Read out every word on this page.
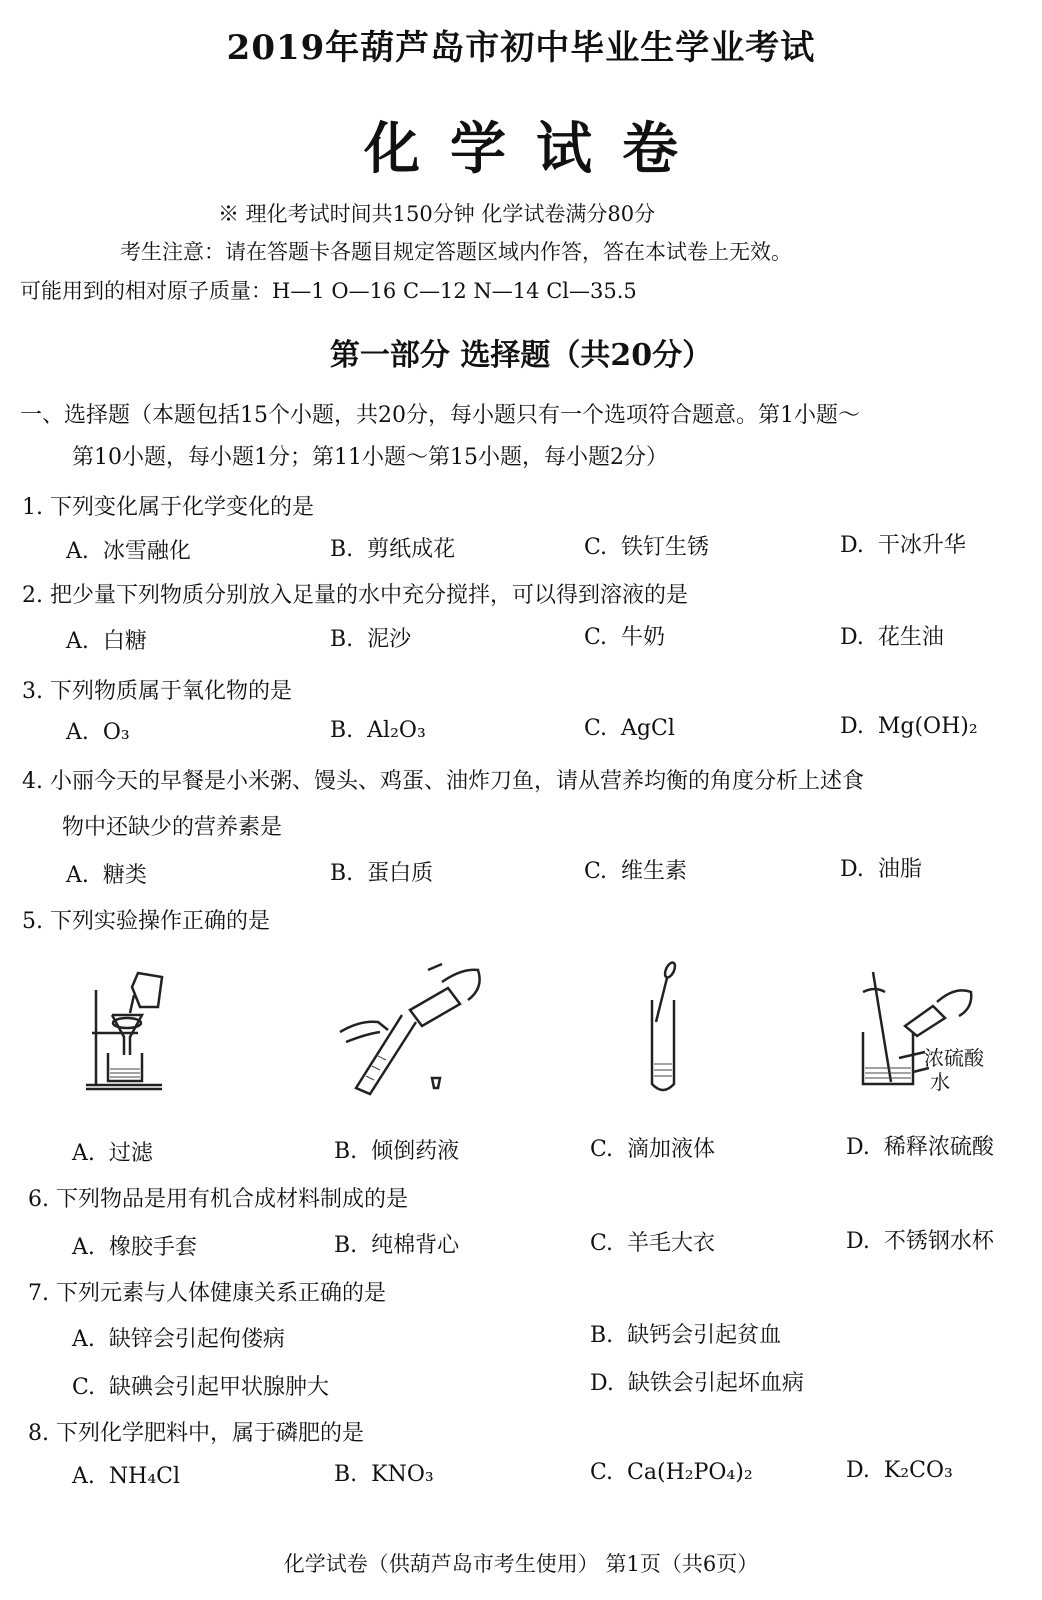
2019年葫芦岛市初中毕业生学业考试
化学试卷
※ 理化考试时间共150分钟 化学试卷满分80分
考生注意：请在答题卡各题目规定答题区域内作答，答在本试卷上无效。
可能用到的相对原子质量：H—1 O—16 C—12 N—14 Cl—35.5
第一部分 选择题（共20分）
一、选择题（本题包括15个小题，共20分，每小题只有一个选项符合题意。第1小题～
第10小题，每小题1分；第11小题～第15小题，每小题2分）
1. 下列变化属于化学变化的是
A. 冰雪融化	B. 剪纸成花	C. 铁钉生锈	D. 干冰升华
2. 把少量下列物质分别放入足量的水中充分搅拌，可以得到溶液的是
A. 白糖	B. 泥沙	C. 牛奶	D. 花生油
3. 下列物质属于氧化物的是
A. O₃	B. Al₂O₃	C. AgCl	D. Mg(OH)₂
4. 小丽今天的早餐是小米粥、馒头、鸡蛋、油炸刀鱼，请从营养均衡的角度分析上述食
物中还缺少的营养素是
A. 糖类	B. 蛋白质	C. 维生素	D. 油脂
5. 下列实验操作正确的是
浓硫酸
水
A. 过滤	B. 倾倒药液	C. 滴加液体	D. 稀释浓硫酸
6. 下列物品是用有机合成材料制成的是
A. 橡胶手套	B. 纯棉背心	C. 羊毛大衣	D. 不锈钢水杯
7. 下列元素与人体健康关系正确的是
A. 缺锌会引起佝偻病	B. 缺钙会引起贫血
C. 缺碘会引起甲状腺肿大	D. 缺铁会引起坏血病
8. 下列化学肥料中，属于磷肥的是
A. NH₄Cl	B. KNO₃	C. Ca(H₂PO₄)₂	D. K₂CO₃
化学试卷（供葫芦岛市考生使用） 第1页（共6页）
